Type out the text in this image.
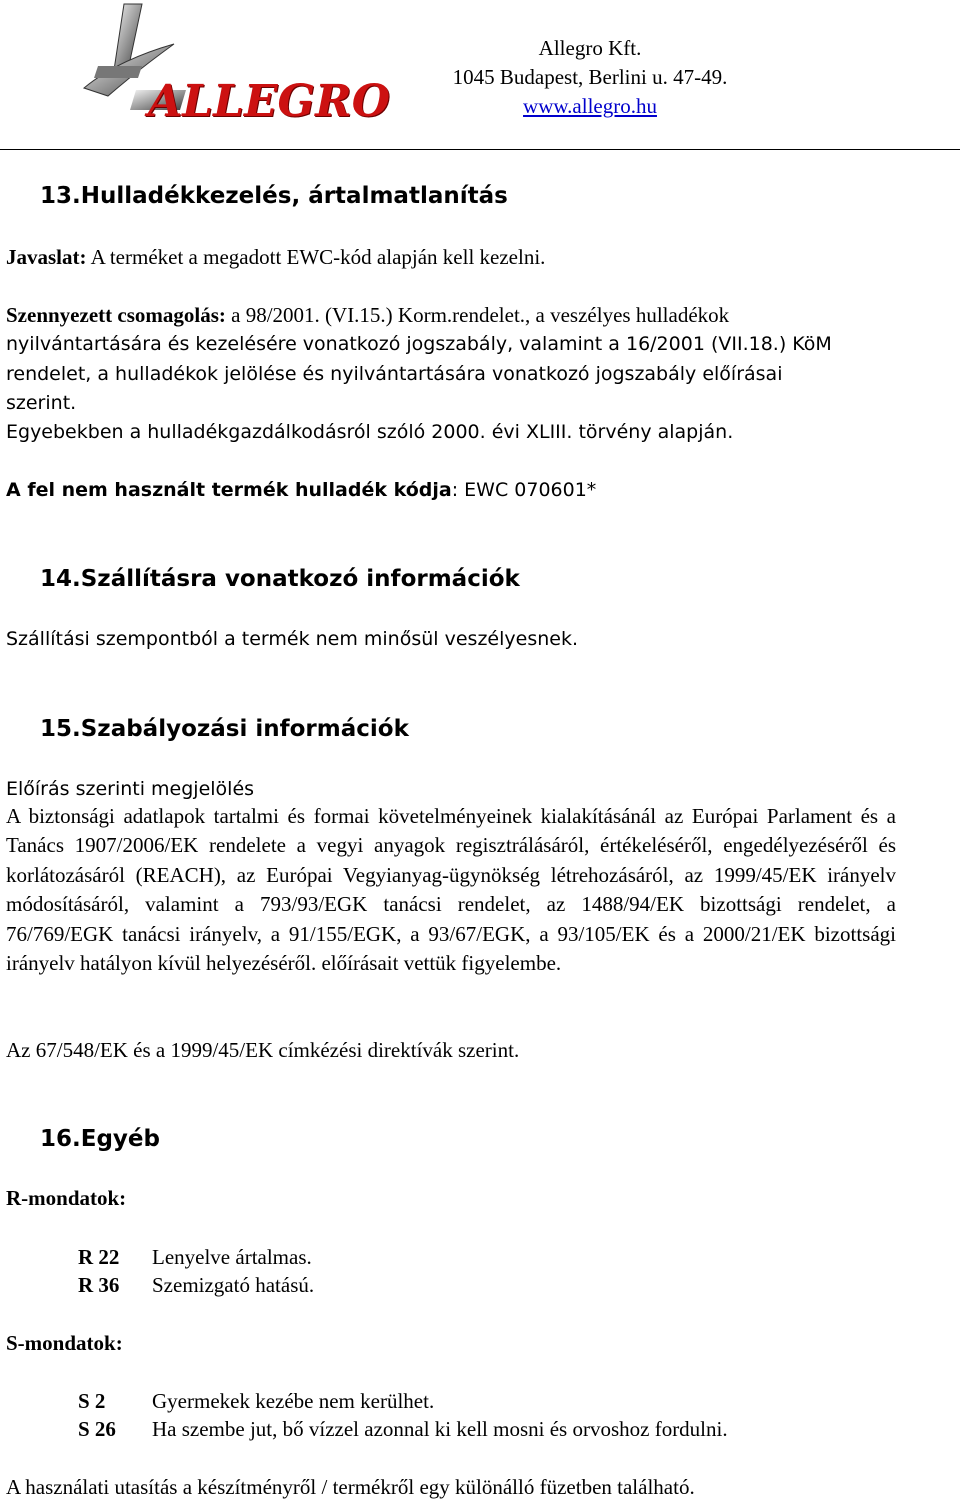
ALLEGRO
Allegro Kft.
1045 Budapest, Berlini u. 47-49.
www.allegro.hu
13.Hulladékkezelés, ártalmatlanítás
Javaslat: A terméket a megadott EWC-kód alapján kell kezelni.
Szennyezett csomagolás: a 98/2001. (VI.15.) Korm.rendelet., a veszélyes hulladékok
nyilvántartására és kezelésére vonatkozó jogszabály, valamint a 16/2001 (VII.18.) KöM
rendelet, a hulladékok jelölése és nyilvántartására vonatkozó jogszabály előírásai
szerint.
Egyebekben a hulladékgazdálkodásról szóló 2000. évi XLIII. törvény alapján.
A fel nem használt termék hulladék kódja: EWC 070601*
14.Szállításra vonatkozó információk
Szállítási szempontból a termék nem minősül veszélyesnek.
15.Szabályozási információk
Előírás szerinti megjelölés
A biztonsági adatlapok tartalmi és formai követelményeinek kialakításánál az Európai Parlament és a Tanács 1907/2006/EK rendelete a vegyi anyagok regisztrálásáról, értékeléséről, engedélyezéséről és korlátozásáról (REACH), az Európai Vegyianyag-ügynökség létrehozásáról, az 1999/45/EK irányelv módosításáról, valamint a 793/93/EGK tanácsi rendelet, az 1488/94/EK bizottsági rendelet, a 76/769/EGK tanácsi irányelv, a 91/155/EGK, a 93/67/EGK, a 93/105/EK és a 2000/21/EK bizottsági irányelv hatályon kívül helyezéséről. előírásait vettük figyelembe.
Az 67/548/EK és a 1999/45/EK címkézési direktívák szerint.
16.Egyéb
R-mondatok:
R 22 Lenyelve ártalmas.
R 36 Szemizgató hatású.
S-mondatok:
S 2 Gyermekek kezébe nem kerülhet.
S 26 Ha szembe jut, bő vízzel azonnal ki kell mosni és orvoshoz fordulni.
A használati utasítás a készítményről / termékről egy különálló füzetben található.
